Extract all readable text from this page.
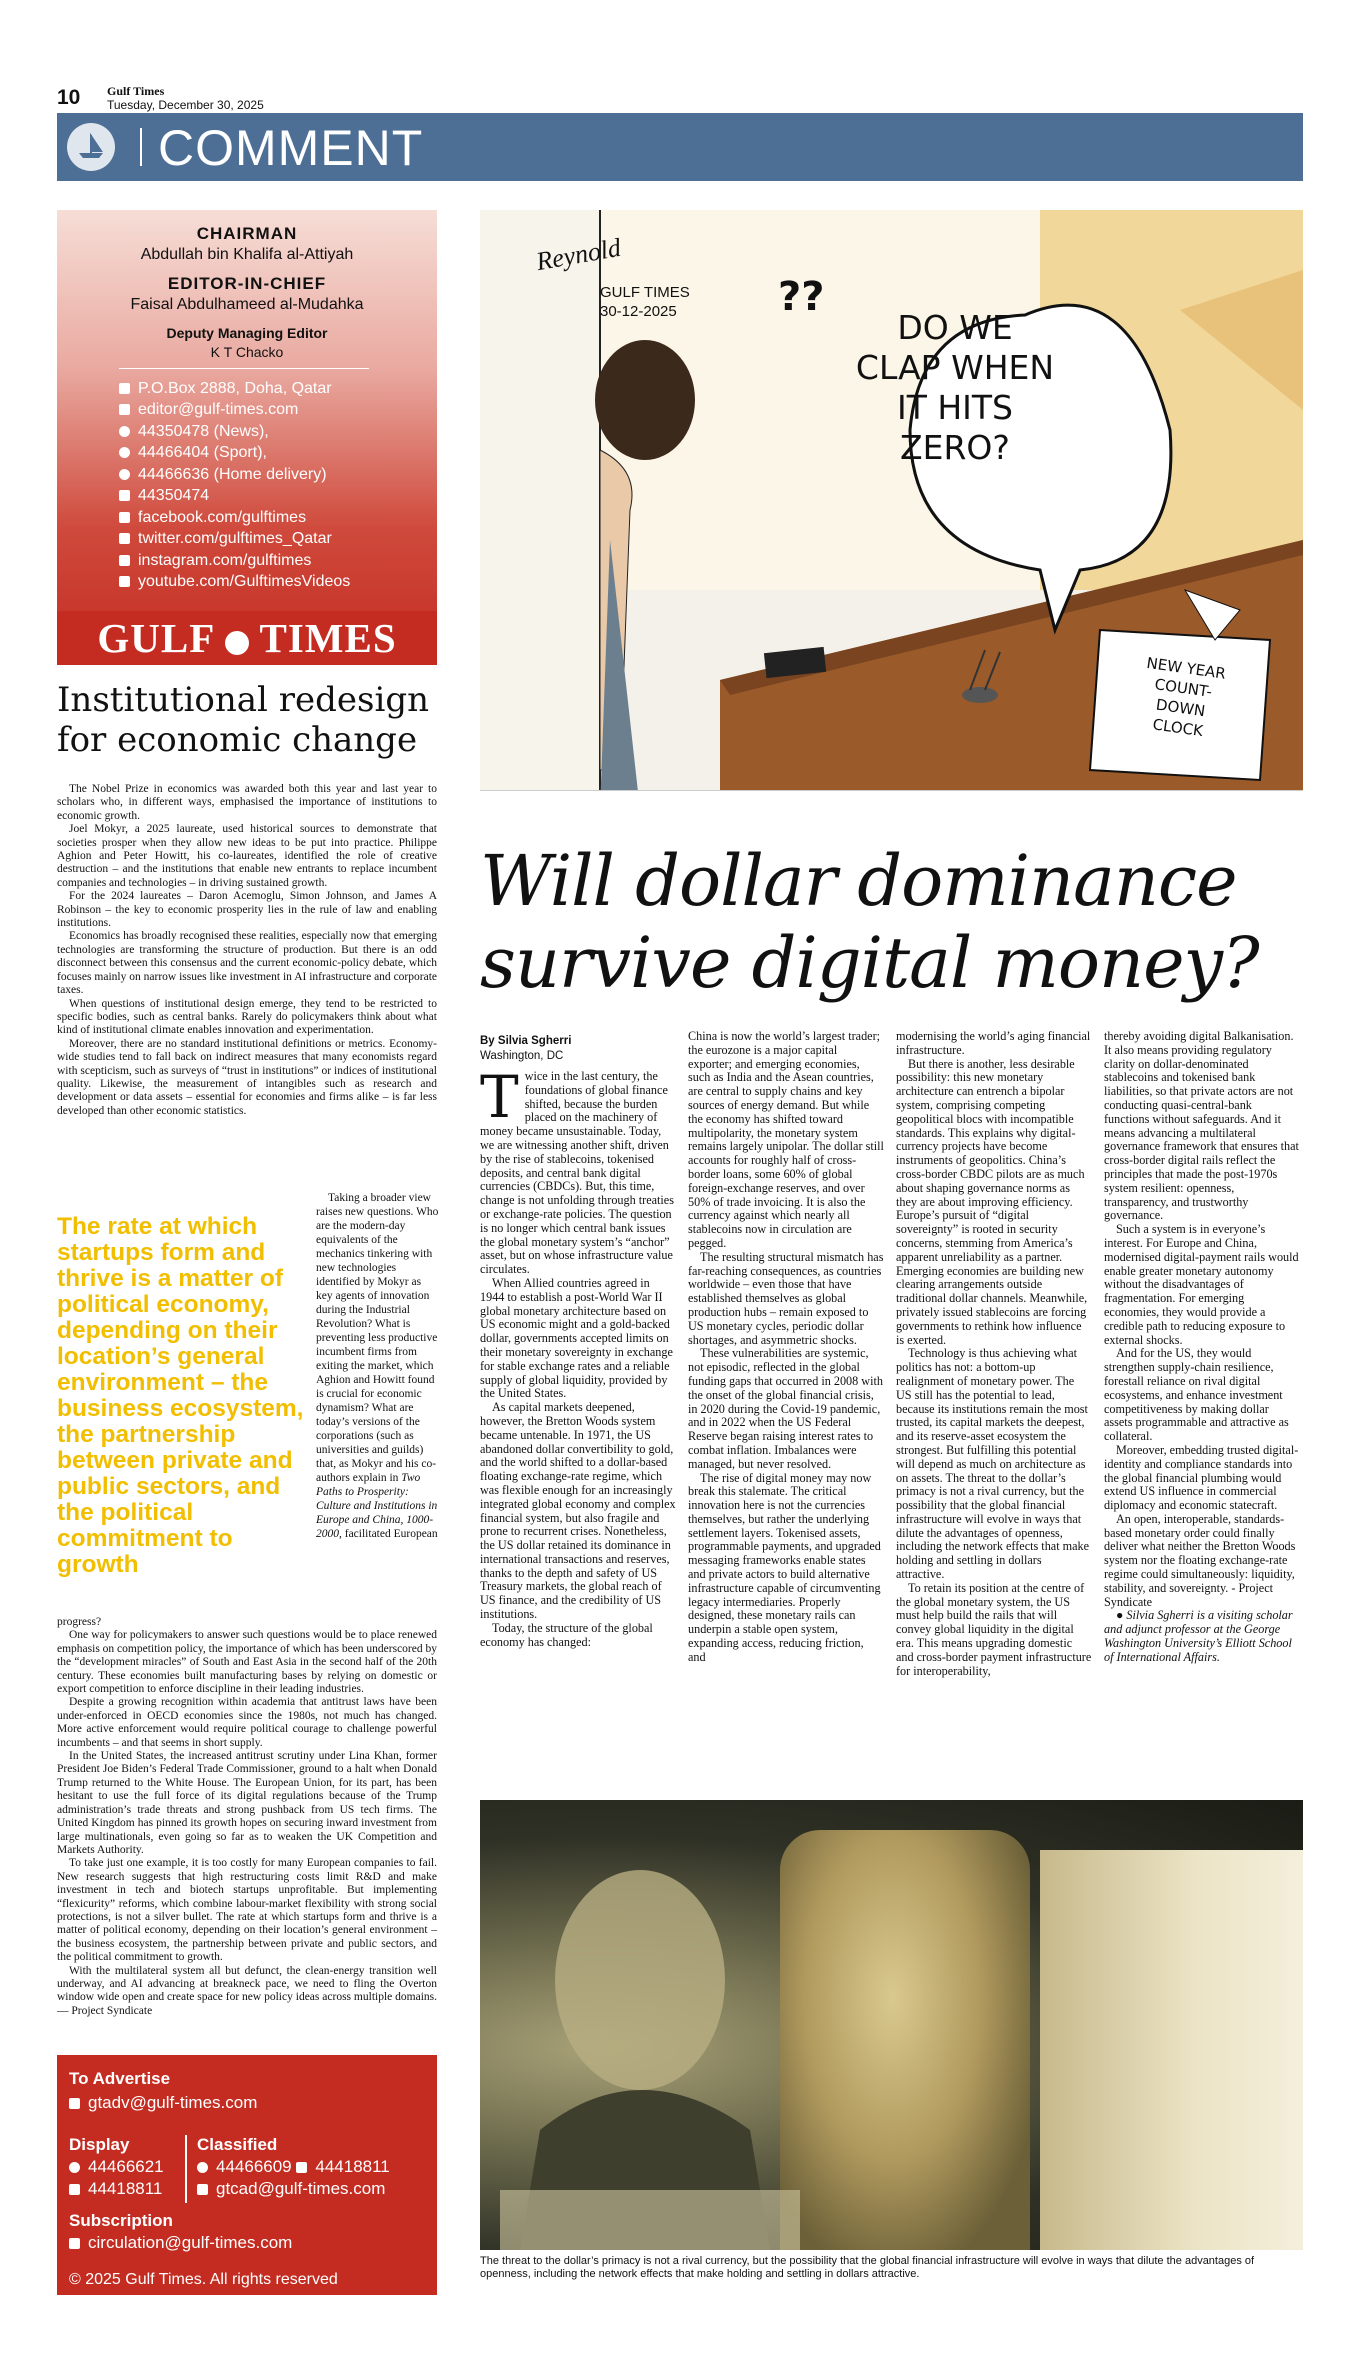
10 Gulf Times
Tuesday, December 30, 2025
COMMENT
CHAIRMAN
Abdullah bin Khalifa al-Attiyah
EDITOR-IN-CHIEF
Faisal Abdulhameed al-Mudahka
Deputy Managing Editor
K T Chacko
P.O.Box 2888, Doha, Qatar
editor@gulf-times.com
44350478 (News),
44466404 (Sport),
44466636 (Home delivery)
44350474
facebook.com/gulftimes
twitter.com/gulftimes_Qatar
instagram.com/gulftimes
youtube.com/GulftimesVideos
GULF TIMES
Institutional redesign for economic change

The Nobel Prize in economics was awarded both this year and last year to scholars who, in different ways, emphasised the importance of institutions to economic growth.

Joel Mokyr, a 2025 laureate, used historical sources to demonstrate that societies prosper when they allow new ideas to be put into practice. Philippe Aghion and Peter Howitt, his co-laureates, identified the role of creative destruction – and the institutions that enable new entrants to replace incumbent companies and technologies – in driving sustained growth.

For the 2024 laureates – Daron Acemoglu, Simon Johnson, and James A Robinson – the key to economic prosperity lies in the rule of law and enabling institutions.

Economics has broadly recognised these realities, especially now that emerging technologies are transforming the structure of production. But there is an odd disconnect between this consensus and the current economic-policy debate, which focuses mainly on narrow issues like investment in AI infrastructure and corporate taxes.

When questions of institutional design emerge, they tend to be restricted to specific bodies, such as central banks. Rarely do policymakers think about what kind of institutional climate enables innovation and experimentation.

Moreover, there are no standard institutional definitions or metrics. Economy-wide studies tend to fall back on indirect measures that many economists regard with scepticism, such as surveys of “trust in institutions” or indices of institutional quality. Likewise, the measurement of intangibles such as research and development or data assets – essential for economies and firms alike – is far less developed than other economic statistics.

The rate at which startups form and thrive is a matter of political economy, depending on their location’s general environment – the business ecosystem, the partnership between private and public sectors, and the political commitment to growth

Taking a broader view raises new questions. Who are the modern-day equivalents of the mechanics tinkering with new technologies identified by Mokyr as key agents of innovation during the Industrial Revolution? What is preventing less productive incumbent firms from exiting the market, which Aghion and Howitt found is crucial for economic dynamism? What are today’s versions of the corporations (such as universities and guilds) that, as Mokyr and his co-authors explain in Two Paths to Prosperity: Culture and Institutions in Europe and China, 1000-2000, facilitated European

progress?

One way for policymakers to answer such questions would be to place renewed emphasis on competition policy, the importance of which has been underscored by the “development miracles” of South and East Asia in the second half of the 20th century. These economies built manufacturing bases by relying on domestic or export competition to enforce discipline in their leading industries.

Despite a growing recognition within academia that antitrust laws have been under-enforced in OECD economies since the 1980s, not much has changed. More active enforcement would require political courage to challenge powerful incumbents – and that seems in short supply.

In the United States, the increased antitrust scrutiny under Lina Khan, former President Joe Biden’s Federal Trade Commissioner, ground to a halt when Donald Trump returned to the White House. The European Union, for its part, has been hesitant to use the full force of its digital regulations because of the Trump administration’s trade threats and strong pushback from US tech firms. The United Kingdom has pinned its growth hopes on securing inward investment from large multinationals, even going so far as to weaken the UK Competition and Markets Authority.

To take just one example, it is too costly for many European companies to fail. New research suggests that high restructuring costs limit R&D and make investment in tech and biotech startups unprofitable. But implementing “flexicurity” reforms, which combine labour-market flexibility with strong social protections, is not a silver bullet. The rate at which startups form and thrive is a matter of political economy, depending on their location’s general environment – the business ecosystem, the partnership between private and public sectors, and the political commitment to growth.

With the multilateral system all but defunct, the clean-energy transition well underway, and AI advancing at breakneck pace, we need to fling the Overton window wide open and create space for new policy ideas across multiple domains. — Project Syndicate

Reynold
GULF TIMES
30-12-2025	??
DO WE
CLAP WHEN
IT HITS
ZERO?
NEW YEAR
COUNT-
DOWN
CLOCK
Will dollar dominance survive digital money?
By Silvia Sgherri
Washington, DC

Twice in the last century, the foundations of global finance shifted, because the burden placed on the machinery of money became unsustainable. Today, we are witnessing another shift, driven by the rise of stablecoins, tokenised deposits, and central bank digital currencies (CBDCs). But, this time, change is not unfolding through treaties or exchange-rate policies. The question is no longer which central bank issues the global monetary system’s “anchor” asset, but on whose infrastructure value circulates.

When Allied countries agreed in 1944 to establish a post-World War II global monetary architecture based on US economic might and a gold-backed dollar, governments accepted limits on their monetary sovereignty in exchange for stable exchange rates and a reliable supply of global liquidity, provided by the United States.

As capital markets deepened, however, the Bretton Woods system became untenable. In 1971, the US abandoned dollar convertibility to gold, and the world shifted to a dollar-based floating exchange-rate regime, which was flexible enough for an increasingly integrated global economy and complex financial system, but also fragile and prone to recurrent crises. Nonetheless, the US dollar retained its dominance in international transactions and reserves, thanks to the depth and safety of US Treasury markets, the global reach of US finance, and the credibility of US institutions.

Today, the structure of the global economy has changed:

China is now the world’s largest trader; the eurozone is a major capital exporter; and emerging economies, such as India and the Asean countries, are central to supply chains and key sources of energy demand. But while the economy has shifted toward multipolarity, the monetary system remains largely unipolar. The dollar still accounts for roughly half of cross-border loans, some 60% of global foreign-exchange reserves, and over 50% of trade invoicing. It is also the currency against which nearly all stablecoins now in circulation are pegged.

The resulting structural mismatch has far-reaching consequences, as countries worldwide – even those that have established themselves as global production hubs – remain exposed to US monetary cycles, periodic dollar shortages, and asymmetric shocks.

These vulnerabilities are systemic, not episodic, reflected in the global funding gaps that occurred in 2008 with the onset of the global financial crisis, in 2020 during the Covid-19 pandemic, and in 2022 when the US Federal Reserve began raising interest rates to combat inflation. Imbalances were managed, but never resolved.

The rise of digital money may now break this stalemate. The critical innovation here is not the currencies themselves, but rather the underlying settlement layers. Tokenised assets, programmable payments, and upgraded messaging frameworks enable states and private actors to build alternative infrastructure capable of circumventing legacy intermediaries. Properly designed, these monetary rails can underpin a stable open system, expanding access, reducing friction, and

modernising the world’s aging financial infrastructure.

But there is another, less desirable possibility: this new monetary architecture can entrench a bipolar system, comprising competing geopolitical blocs with incompatible standards. This explains why digital-currency projects have become instruments of geopolitics. China’s cross-border CBDC pilots are as much about shaping governance norms as they are about improving efficiency. Europe’s pursuit of “digital sovereignty” is rooted in security concerns, stemming from America’s apparent unreliability as a partner. Emerging economies are building new clearing arrangements outside traditional dollar channels. Meanwhile, privately issued stablecoins are forcing governments to rethink how influence is exerted.

Technology is thus achieving what politics has not: a bottom-up realignment of monetary power. The US still has the potential to lead, because its institutions remain the most trusted, its capital markets the deepest, and its reserve-asset ecosystem the strongest. But fulfilling this potential will depend as much on architecture as on assets. The threat to the dollar’s primacy is not a rival currency, but the possibility that the global financial infrastructure will evolve in ways that dilute the advantages of openness, including the network effects that make holding and settling in dollars attractive.

To retain its position at the centre of the global monetary system, the US must help build the rails that will convey global liquidity in the digital era. This means upgrading domestic and cross-border payment infrastructure for interoperability,

thereby avoiding digital Balkanisation. It also means providing regulatory clarity on dollar-denominated stablecoins and tokenised bank liabilities, so that private actors are not conducting quasi-central-bank functions without safeguards. And it means advancing a multilateral governance framework that ensures that cross-border digital rails reflect the principles that made the post-1970s system resilient: openness, transparency, and trustworthy governance.

Such a system is in everyone’s interest. For Europe and China, modernised digital-payment rails would enable greater monetary autonomy without the disadvantages of fragmentation. For emerging economies, they would provide a credible path to reducing exposure to external shocks.

And for the US, they would strengthen supply-chain resilience, forestall reliance on rival digital ecosystems, and enhance investment competitiveness by making dollar assets programmable and attractive as collateral.

Moreover, embedding trusted digital-identity and compliance standards into the global financial plumbing would extend US influence in commercial diplomacy and economic statecraft.

An open, interoperable, standards-based monetary order could finally deliver what neither the Bretton Woods system nor the floating exchange-rate regime could simultaneously: liquidity, stability, and sovereignty. - Project Syndicate

● Silvia Sgherri is a visiting scholar and adjunct professor at the George Washington University’s Elliott School of International Affairs.

The threat to the dollar’s primacy is not a rival currency, but the possibility that the global financial infrastructure will evolve in ways that dilute the advantages of openness, including the network effects that make holding and settling in dollars attractive.
To Advertise
gtadv@gulf-times.com
Display
44466621
44418811
Classified
44466609 44418811
gtcad@gulf-times.com
Subscription
circulation@gulf-times.com
© 2025 Gulf Times. All rights reserved
